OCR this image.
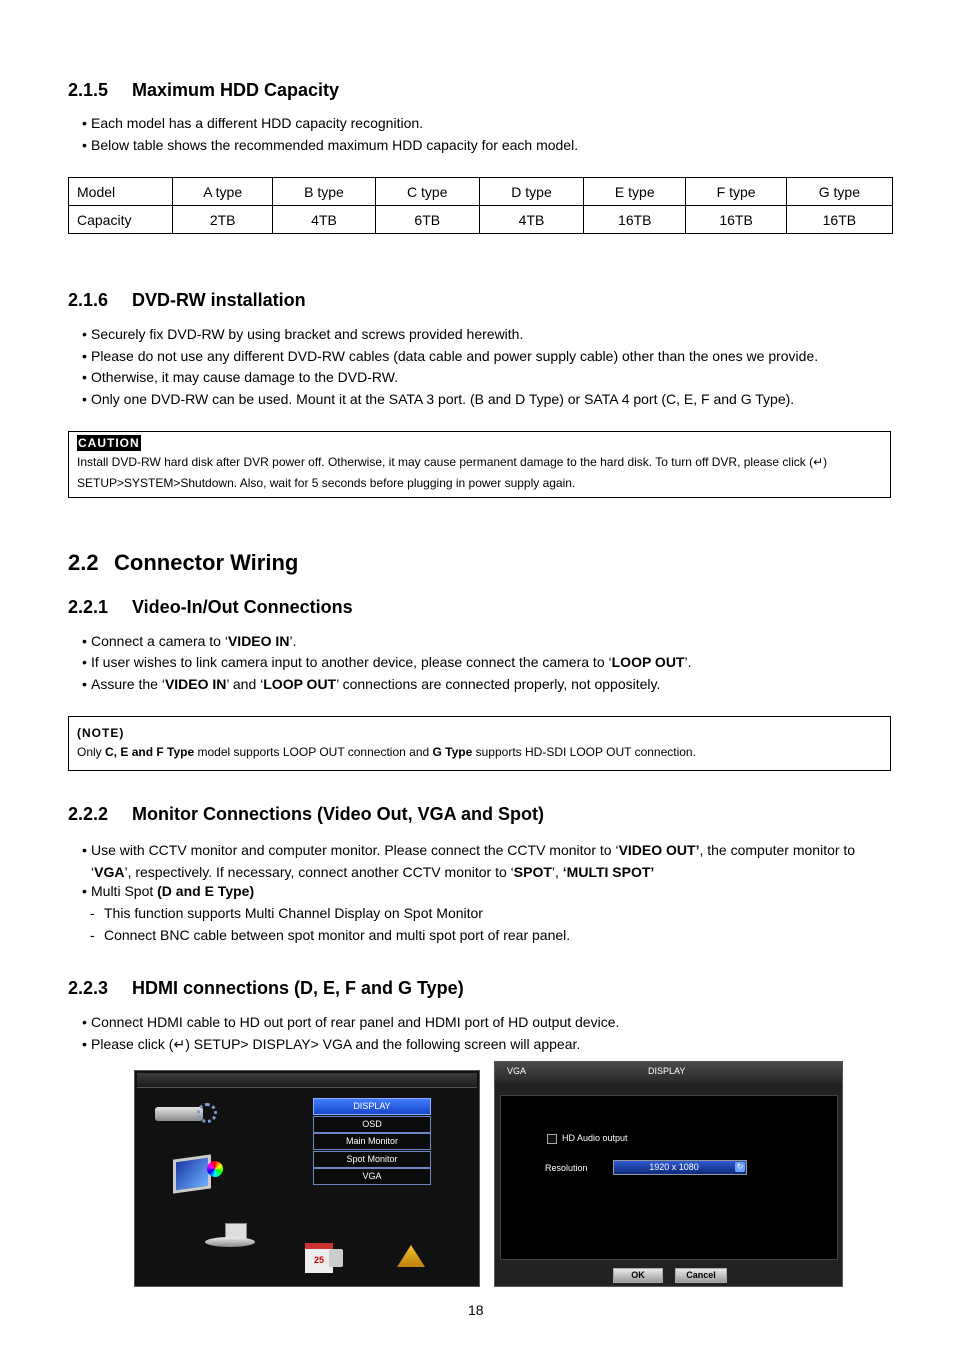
2.1.5 Maximum HDD Capacity
• Each model has a different HDD capacity recognition.
• Below table shows the recommended maximum HDD capacity for each model.
Model	A type	B type	C type	D type	E type	F type	G type
Capacity	2TB	4TB	6TB	4TB	16TB	16TB	16TB
2.1.6 DVD-RW installation
• Securely fix DVD-RW by using bracket and screws provided herewith.
• Please do not use any different DVD-RW cables (data cable and power supply cable) other than the ones we provide.
• Otherwise, it may cause damage to the DVD-RW.
• Only one DVD-RW can be used. Mount it at the SATA 3 port. (B and D Type) or SATA 4 port (C, E, F and G Type).
CAUTION
Install DVD-RW hard disk after DVR power off. Otherwise, it may cause permanent damage to the hard disk. To turn off DVR, please click (↵)
SETUP>SYSTEM>Shutdown. Also, wait for 5 seconds before plugging in power supply again.
2.2 Connector Wiring
2.2.1 Video-In/Out Connections
• Connect a camera to ‘VIDEO IN’.
• If user wishes to link camera input to another device, please connect the camera to ‘LOOP OUT’.
• Assure the ‘VIDEO IN’ and ‘LOOP OUT’ connections are connected properly, not oppositely.
(NOTE)
Only C, E and F Type model supports LOOP OUT connection and G Type supports HD-SDI LOOP OUT connection.
2.2.2 Monitor Connections (Video Out, VGA and Spot)
• Use with CCTV monitor and computer monitor. Please connect the CCTV monitor to ‘VIDEO OUT’, the computer monitor to
‘VGA’, respectively. If necessary, connect another CCTV monitor to ‘SPOT’, ‘MULTI SPOT’
• Multi Spot (D and E Type)
- This function supports Multi Channel Display on Spot Monitor
- Connect BNC cable between spot monitor and multi spot port of rear panel.
2.2.3 HDMI connections (D, E, F and G Type)
• Connect HDMI cable to HD out port of rear panel and HDMI port of HD output device.
• Please click (↵) SETUP> DISPLAY> VGA and the following screen will appear.
25
DISPLAY
OSD
Main Monitor
Spot Monitor
VGA
VGA	DISPLAY
HD Audio output
Resolution	1920 x 1080	↻
OK	Cancel
18
